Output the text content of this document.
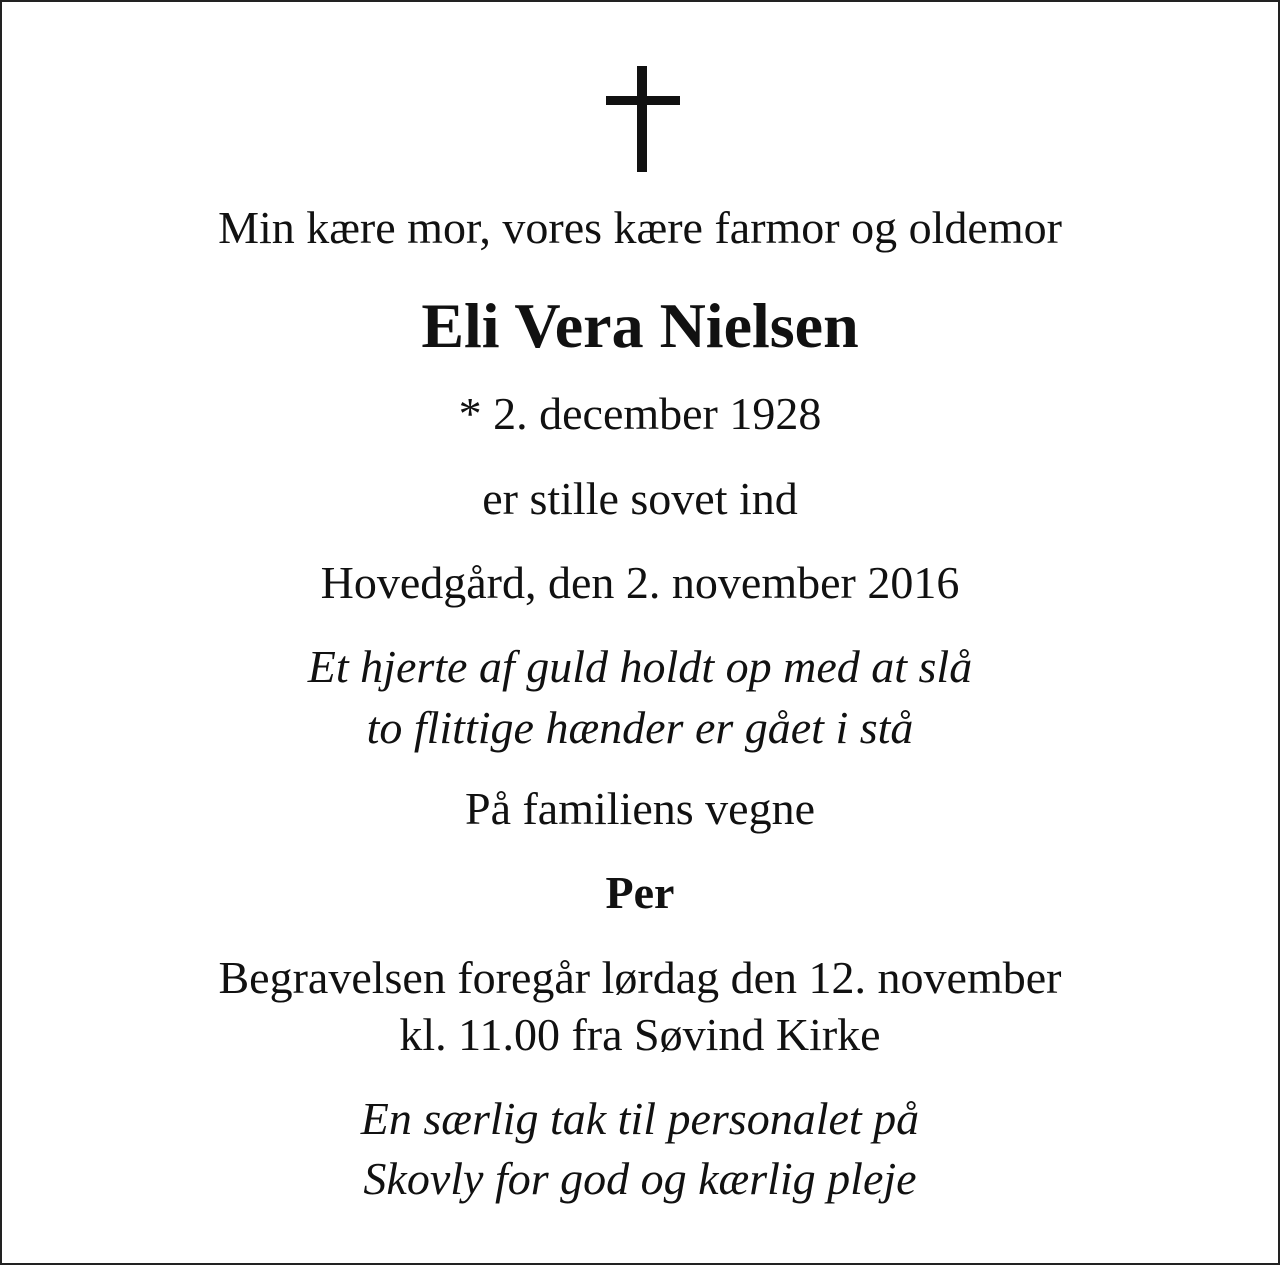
Min kære mor, vores kære farmor og oldemor
Eli Vera Nielsen
* 2. december 1928
er stille sovet ind
Hovedgård, den 2. november 2016
Et hjerte af guld holdt op med at slå
to flittige hænder er gået i stå
På familiens vegne
Per
Begravelsen foregår lørdag den 12. november
kl. 11.00 fra Søvind Kirke
En særlig tak til personalet på
Skovly for god og kærlig pleje
